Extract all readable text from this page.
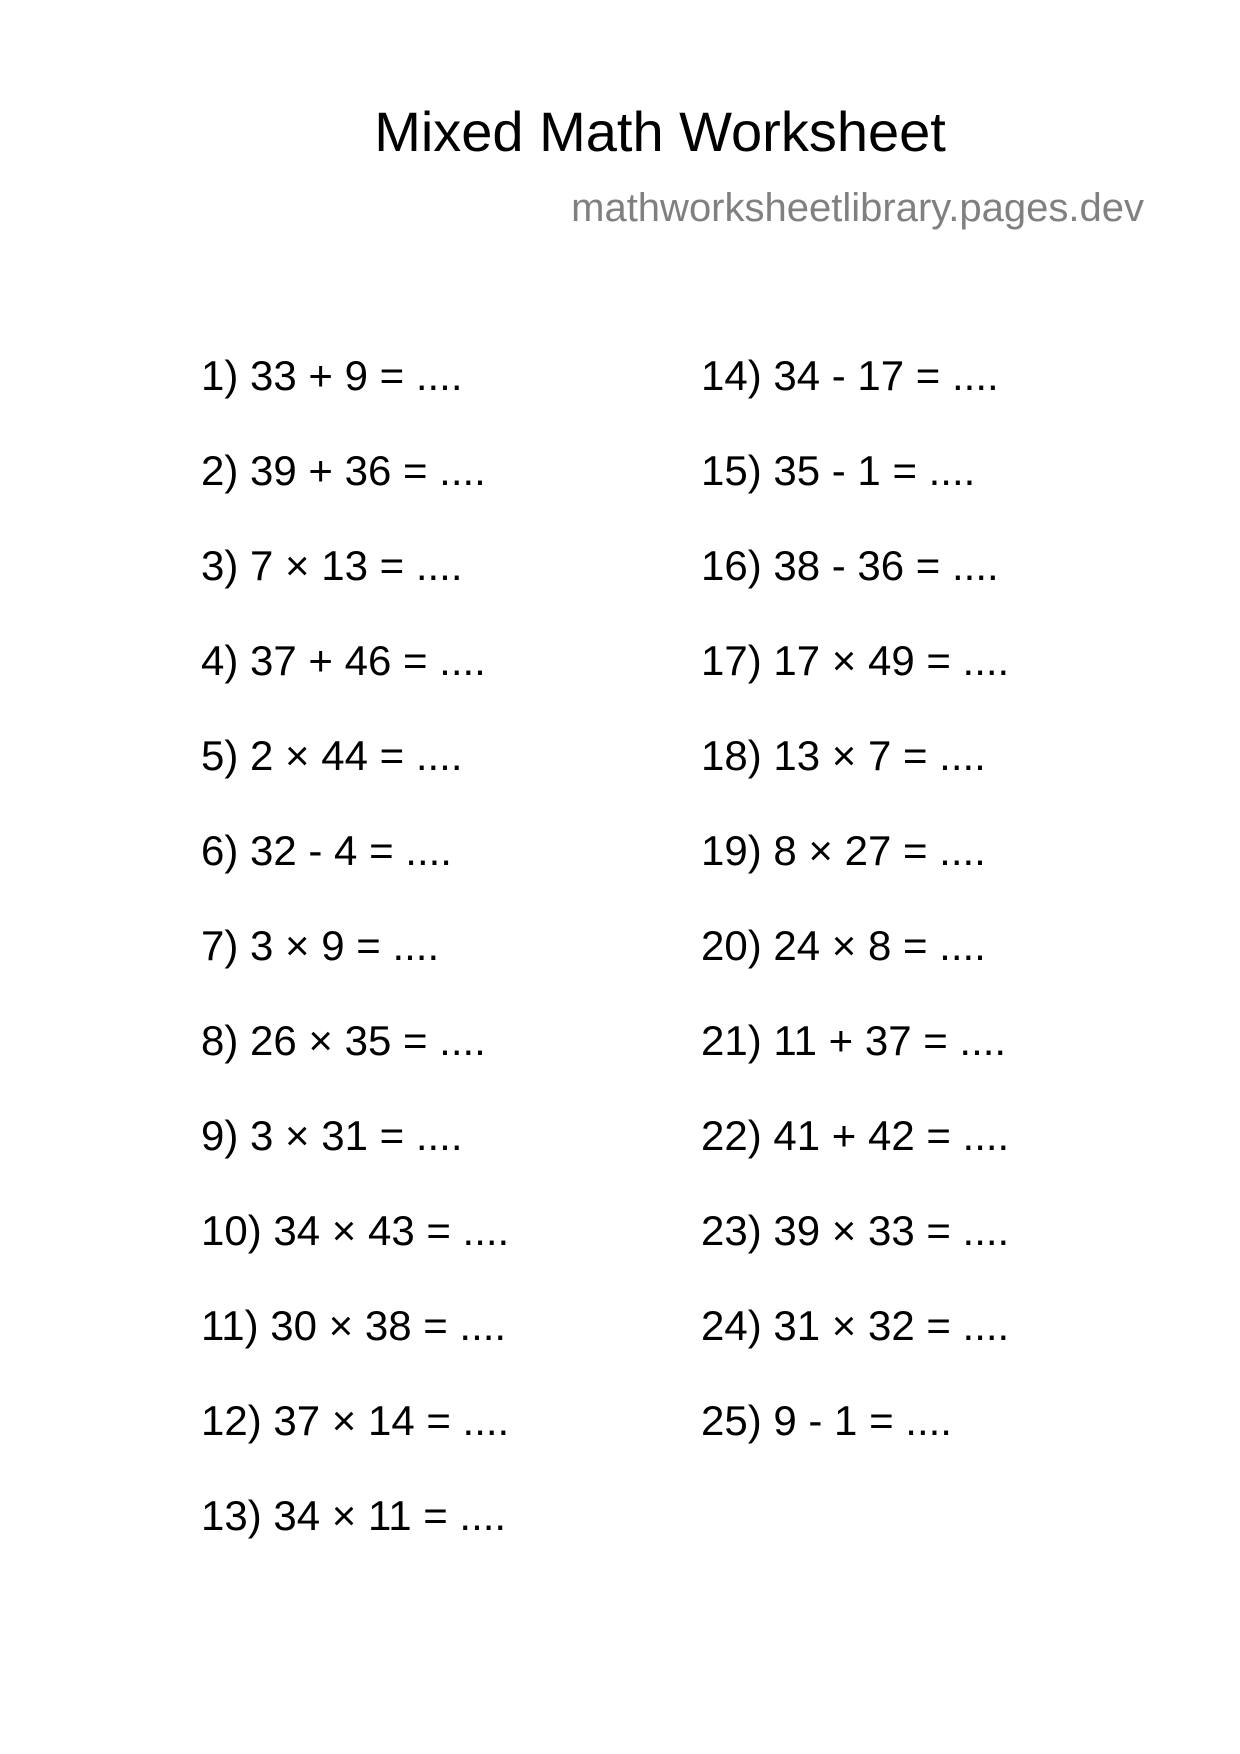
Mixed Math Worksheet
mathworksheetlibrary.pages.dev
1) 33 + 9 = ....
2) 39 + 36 = ....
3) 7 × 13 = ....
4) 37 + 46 = ....
5) 2 × 44 = ....
6) 32 - 4 = ....
7) 3 × 9 = ....
8) 26 × 35 = ....
9) 3 × 31 = ....
10) 34 × 43 = ....
11) 30 × 38 = ....
12) 37 × 14 = ....
13) 34 × 11 = ....
14) 34 - 17 = ....
15) 35 - 1 = ....
16) 38 - 36 = ....
17) 17 × 49 = ....
18) 13 × 7 = ....
19) 8 × 27 = ....
20) 24 × 8 = ....
21) 11 + 37 = ....
22) 41 + 42 = ....
23) 39 × 33 = ....
24) 31 × 32 = ....
25) 9 - 1 = ....
